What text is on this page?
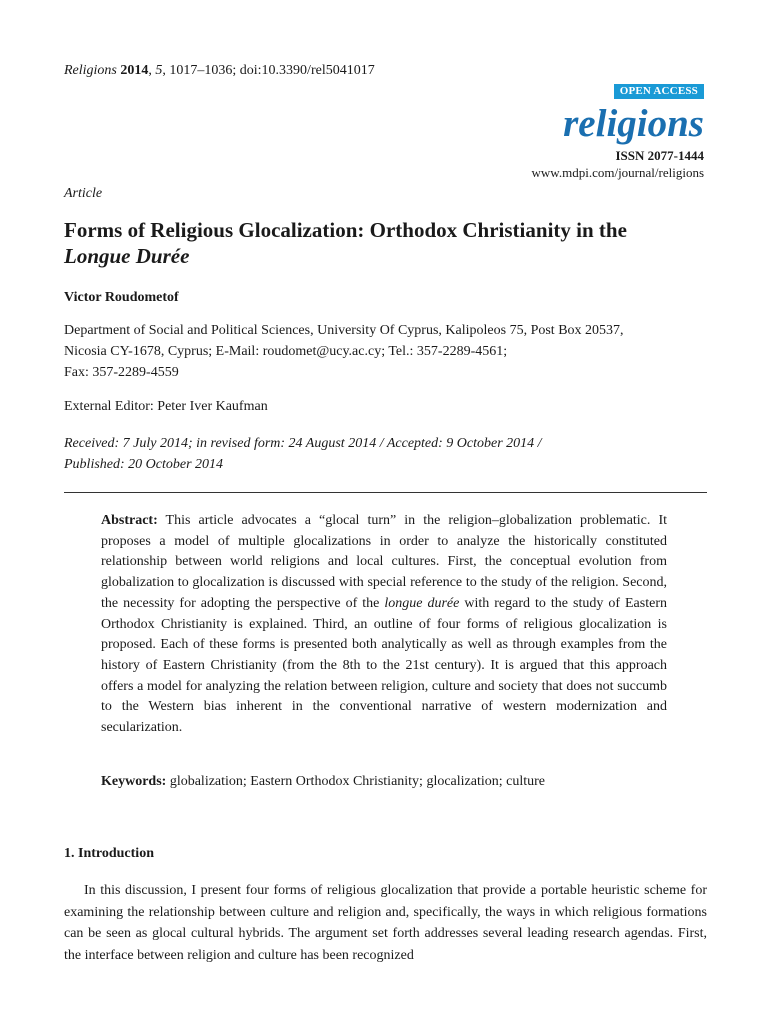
Religions 2014, 5, 1017–1036; doi:10.3390/rel5041017
OPEN ACCESS
religions
ISSN 2077-1444
www.mdpi.com/journal/religions
Article
Forms of Religious Glocalization: Orthodox Christianity in the
Longue Durée
Victor Roudometof
Department of Social and Political Sciences, University Of Cyprus, Kalipoleos 75, Post Box 20537,
Nicosia CY-1678, Cyprus; E-Mail: roudomet@ucy.ac.cy; Tel.: 357-2289-4561;
Fax: 357-2289-4559
External Editor: Peter Iver Kaufman
Received: 7 July 2014; in revised form: 24 August 2014 / Accepted: 9 October 2014 /
Published: 20 October 2014
Abstract: This article advocates a “glocal turn” in the religion–globalization problematic. It proposes a model of multiple glocalizations in order to analyze the historically constituted relationship between world religions and local cultures. First, the conceptual evolution from globalization to glocalization is discussed with special reference to the study of the religion. Second, the necessity for adopting the perspective of the longue durée with regard to the study of Eastern Orthodox Christianity is explained. Third, an outline of four forms of religious glocalization is proposed. Each of these forms is presented both analytically as well as through examples from the history of Eastern Christianity (from the 8th to the 21st century). It is argued that this approach offers a model for analyzing the relation between religion, culture and society that does not succumb to the Western bias inherent in the conventional narrative of western modernization and secularization.
Keywords: globalization; Eastern Orthodox Christianity; glocalization; culture
1. Introduction
In this discussion, I present four forms of religious glocalization that provide a portable heuristic scheme for examining the relationship between culture and religion and, specifically, the ways in which religious formations can be seen as glocal cultural hybrids. The argument set forth addresses several leading research agendas. First, the interface between religion and culture has been recognized
